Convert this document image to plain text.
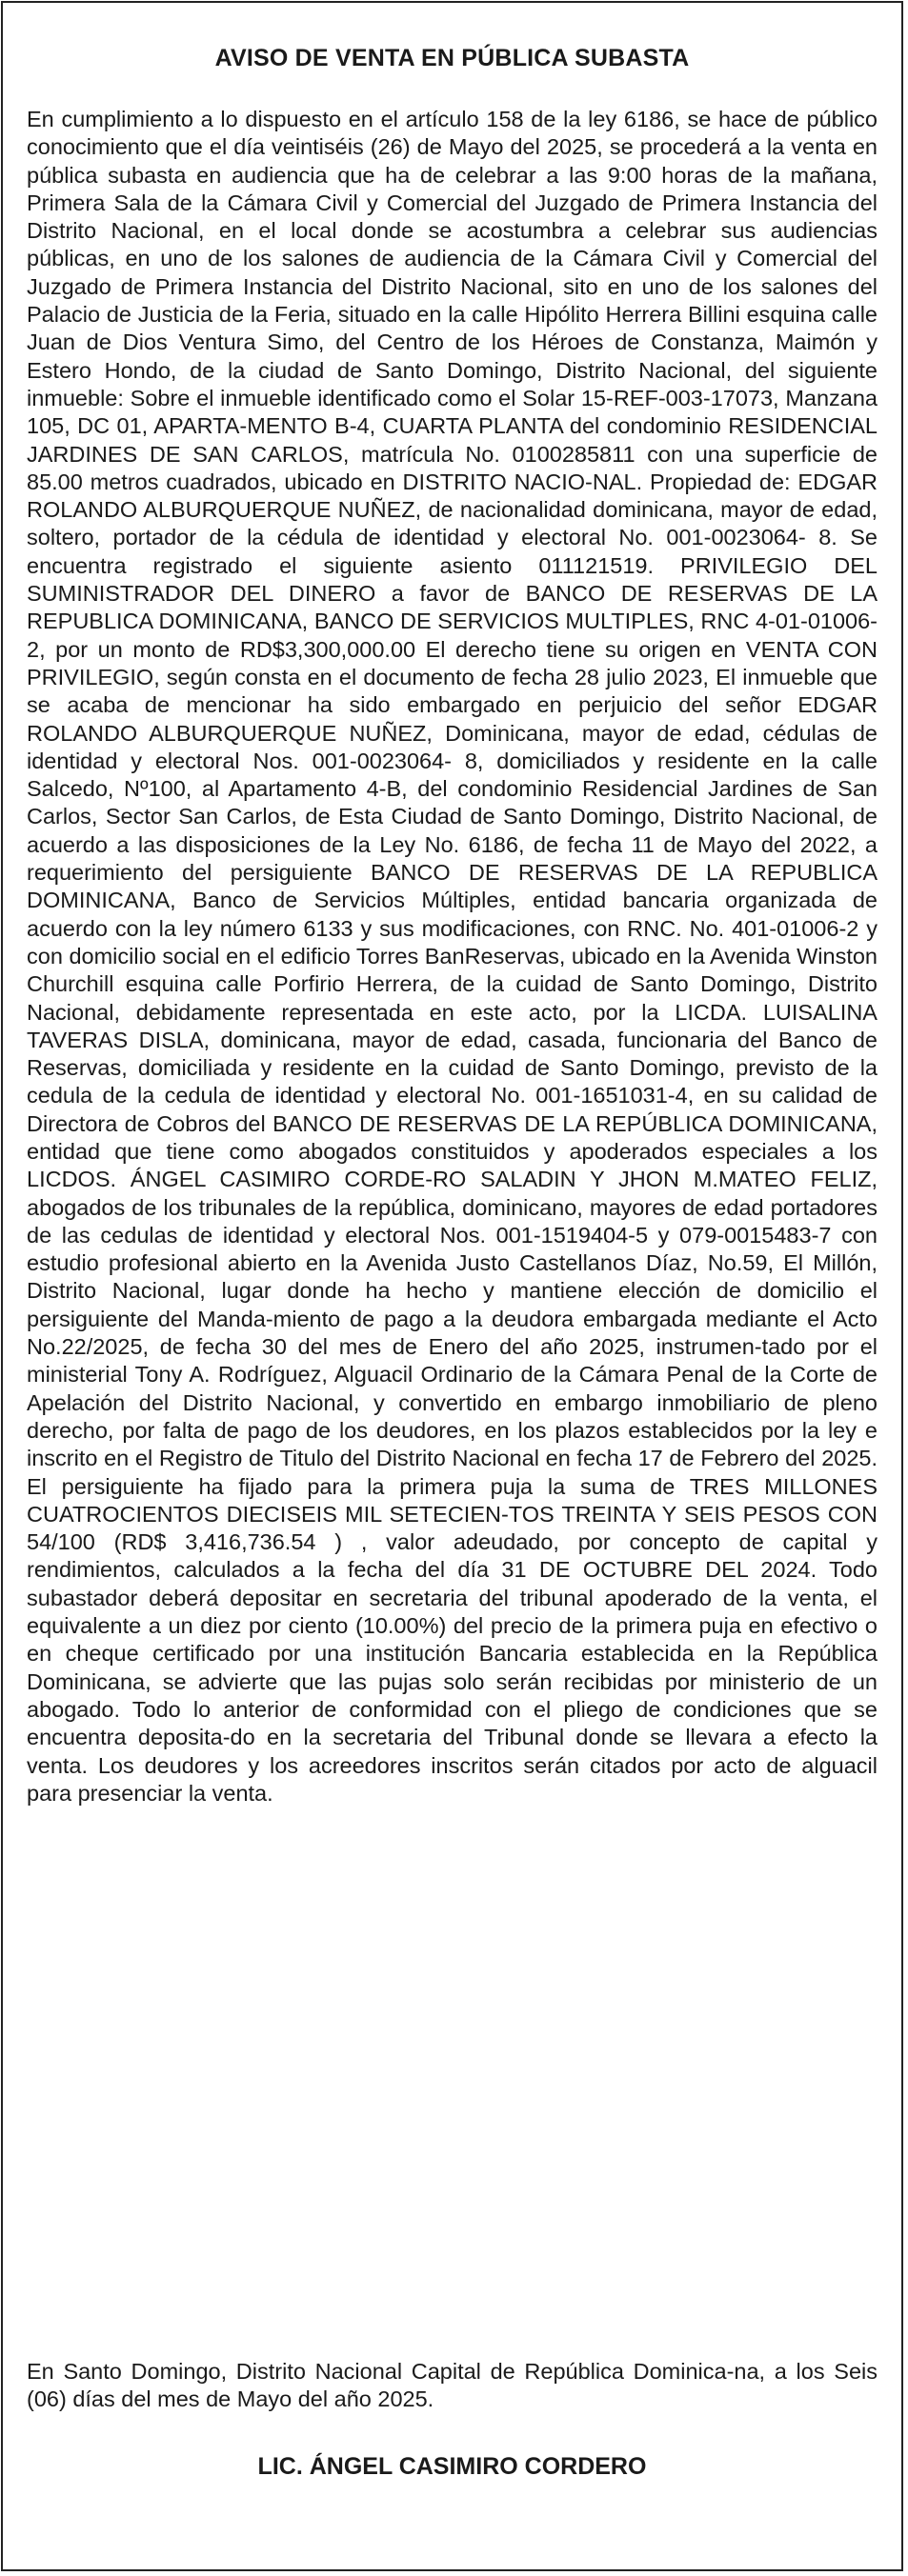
AVISO DE VENTA EN PÚBLICA SUBASTA
En cumplimiento a lo dispuesto en el artículo 158 de la ley 6186, se hace de público conocimiento que el día veintiséis (26) de Mayo del 2025, se procederá a la venta en pública subasta en audiencia que ha de celebrar a las 9:00 horas de la mañana, Primera Sala de la Cámara Civil y Comercial del Juzgado de Primera Instancia del Distrito Nacional, en el local donde se acostumbra a celebrar sus audiencias públicas, en uno de los salones de audiencia de la Cámara Civil y Comercial del Juzgado de Primera Instancia del Distrito Nacional, sito en uno de los salones del Palacio de Justicia de la Feria, situado en la calle Hipólito Herrera Billini esquina calle Juan de Dios Ventura Simo, del Centro de los Héroes de Constanza, Maimón y Estero Hondo, de la ciudad de Santo Domingo, Distrito Nacional, del siguiente inmueble: Sobre el inmueble identificado como el Solar 15-REF-003-17073, Manzana 105, DC 01, APARTA-MENTO B-4, CUARTA PLANTA del condominio RESIDENCIAL JARDINES DE SAN CARLOS, matrícula No. 0100285811 con una superficie de 85.00 metros cuadrados, ubicado en DISTRITO NACIO-NAL. Propiedad de: EDGAR ROLANDO ALBURQUERQUE NUÑEZ, de nacionalidad dominicana, mayor de edad, soltero, portador de la cédula de identidad y electoral No. 001-0023064- 8. Se encuentra registrado el siguiente asiento 011121519. PRIVILEGIO DEL SUMINISTRADOR DEL DINERO a favor de BANCO DE RESERVAS DE LA REPUBLICA DOMINICANA, BANCO DE SERVICIOS MULTIPLES, RNC 4-01-01006-2, por un monto de RD$3,300,000.00 El derecho tiene su origen en VENTA CON PRIVILEGIO, según consta en el documento de fecha 28 julio 2023, El inmueble que se acaba de mencionar ha sido embargado en perjuicio del señor EDGAR ROLANDO ALBURQUERQUE NUÑEZ, Dominicana, mayor de edad, cédulas de identidad y electoral Nos. 001-0023064- 8, domiciliados y residente en la calle Salcedo, Nº100, al Apartamento 4-B, del condominio Residencial Jardines de San Carlos, Sector San Carlos, de Esta Ciudad de Santo Domingo, Distrito Nacional, de acuerdo a las disposiciones de la Ley No. 6186, de fecha 11 de Mayo del 2022, a requerimiento del persiguiente BANCO DE RESERVAS DE LA REPUBLICA DOMINICANA, Banco de Servicios Múltiples, entidad bancaria organizada de acuerdo con la ley número 6133 y sus modificaciones, con RNC. No. 401-01006-2 y con domicilio social en el edificio Torres BanReservas, ubicado en la Avenida Winston Churchill esquina calle Porfirio Herrera, de la cuidad de Santo Domingo, Distrito Nacional, debidamente representada en este acto, por la LICDA. LUISALINA TAVERAS DISLA, dominicana, mayor de edad, casada, funcionaria del Banco de Reservas, domiciliada y residente en la cuidad de Santo Domingo, previsto de la cedula de la cedula de identidad y electoral No. 001-1651031-4, en su calidad de Directora de Cobros del BANCO DE RESERVAS DE LA REPÚBLICA DOMINICANA, entidad que tiene como abogados constituidos y apoderados especiales a los LICDOS. ÁNGEL CASIMIRO CORDE-RO SALADIN Y JHON M.MATEO FELIZ, abogados de los tribunales de la república, dominicano, mayores de edad portadores de las cedulas de identidad y electoral Nos. 001-1519404-5 y 079-0015483-7 con estudio profesional abierto en la Avenida Justo Castellanos Díaz, No.59, El Millón, Distrito Nacional, lugar donde ha hecho y mantiene elección de domicilio el persiguiente del Manda-miento de pago a la deudora embargada mediante el Acto No.22/2025, de fecha 30 del mes de Enero del año 2025, instrumen-tado por el ministerial Tony A. Rodríguez, Alguacil Ordinario de la Cámara Penal de la Corte de Apelación del Distrito Nacional, y convertido en embargo inmobiliario de pleno derecho, por falta de pago de los deudores, en los plazos establecidos por la ley e inscrito en el Registro de Titulo del Distrito Nacional en fecha 17 de Febrero del 2025. El persiguiente ha fijado para la primera puja la suma de TRES MILLONES CUATROCIENTOS DIECISEIS MIL SETECIEN-TOS TREINTA Y SEIS PESOS CON 54/100 (RD$ 3,416,736.54 ) , valor adeudado, por concepto de capital y rendimientos, calculados a la fecha del día 31 DE OCTUBRE DEL 2024. Todo subastador deberá depositar en secretaria del tribunal apoderado de la venta, el equivalente a un diez por ciento (10.00%) del precio de la primera puja en efectivo o en cheque certificado por una institución Bancaria establecida en la República Dominicana, se advierte que las pujas solo serán recibidas por ministerio de un abogado. Todo lo anterior de conformidad con el pliego de condiciones que se encuentra deposita-do en la secretaria del Tribunal donde se llevara a efecto la venta. Los deudores y los acreedores inscritos serán citados por acto de alguacil para presenciar la venta.
En Santo Domingo, Distrito Nacional Capital de República Dominica-na, a los Seis (06) días del mes de Mayo del año 2025.
LIC. ÁNGEL CASIMIRO CORDERO
